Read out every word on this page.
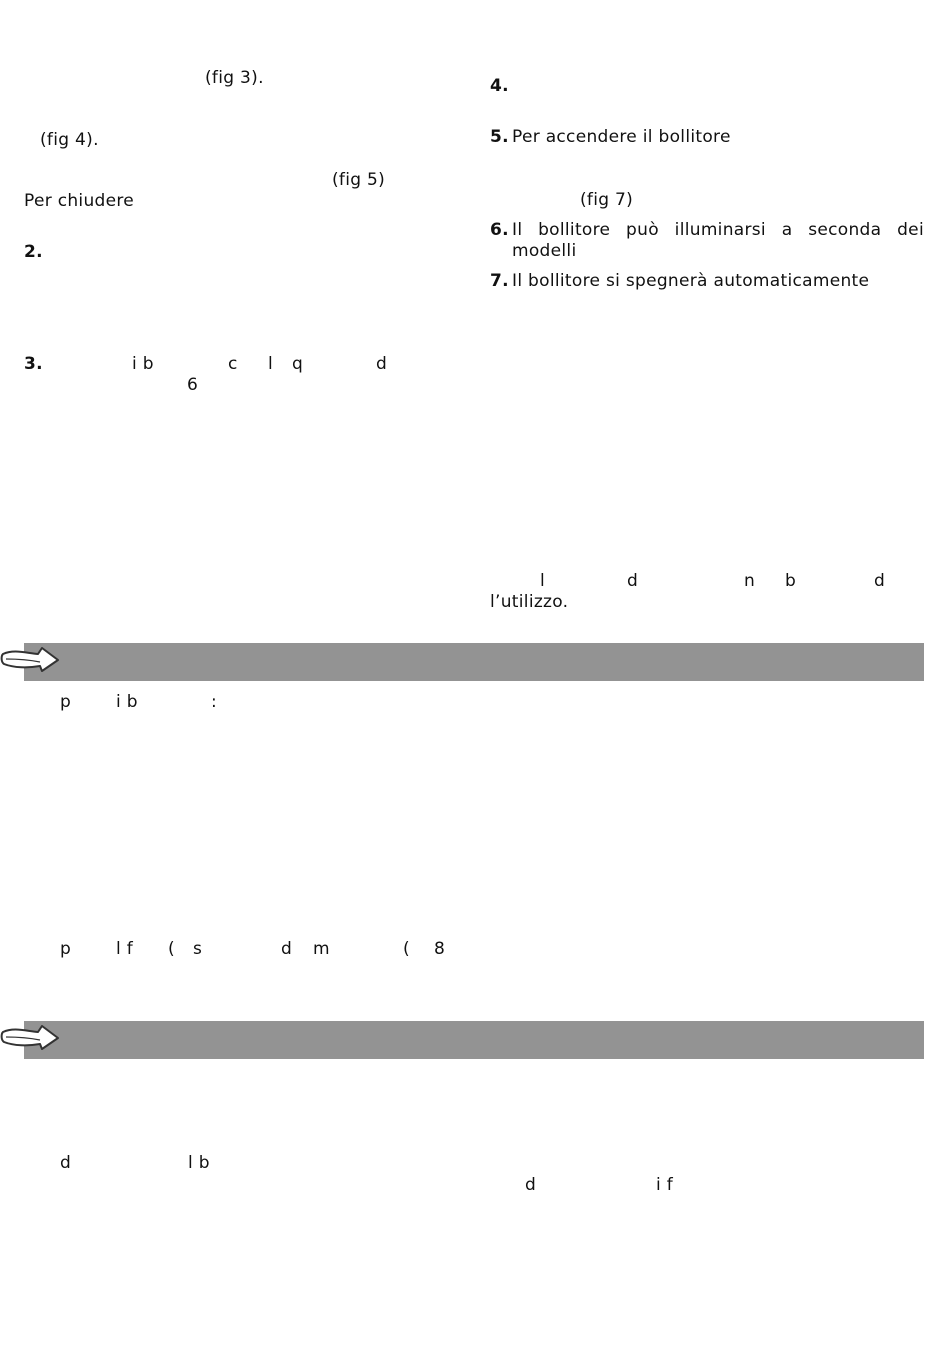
(fig 3).
(fig 4).
(fig 5)
Per chiudere
2.
3.	i b	c l q	d
6
p	i b	:
p	l f ( s	d m	( 8
d	l b
4.
5. Per accendere il bollitore
(fig 7)
6. Il bollitore può illuminarsi a seconda dei
modelli
7. Il bollitore si spegnerà automaticamente
l	d	n b	d
l’utilizzo.
d	i f
